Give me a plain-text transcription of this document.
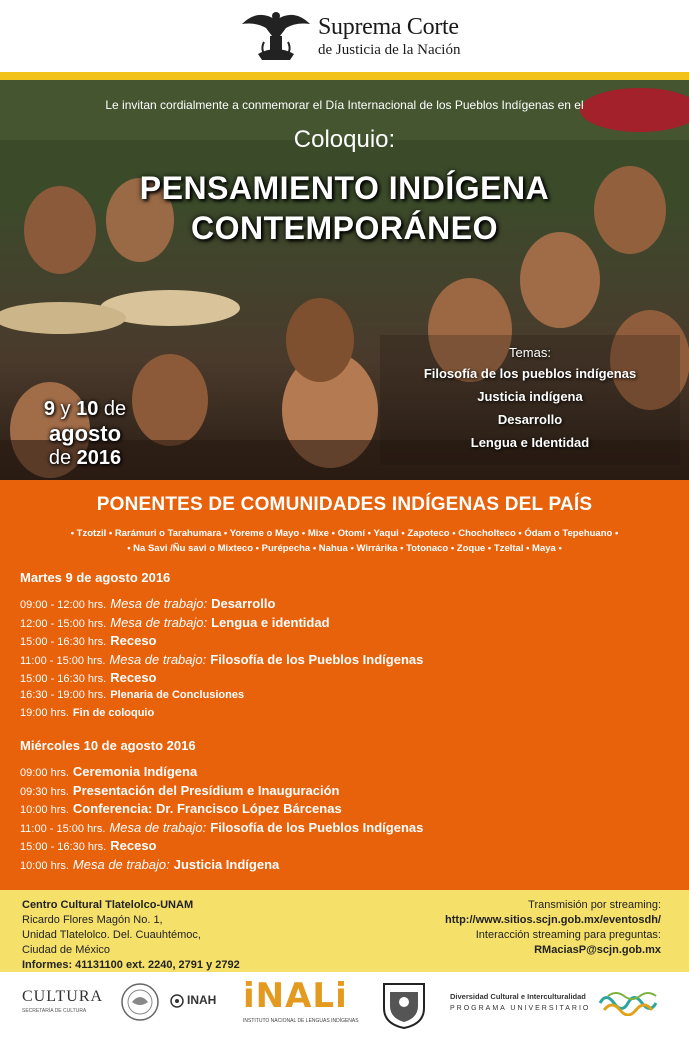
Suprema Corte
de Justicia de la Nación
Le invitan cordialmente a conmemorar el Día Internacional de los Pueblos Indígenas en el
Coloquio:
PENSAMIENTO INDÍGENA
CONTEMPORÁNEO
Temas:
Filosofía de los pueblos indígenas
Justicia indígena
Desarrollo
Lengua e Identidad
9 y 10 de
agosto
de 2016
PONENTES DE COMUNIDADES INDÍGENAS DEL PAÍS
• Tzotzil • Rarámuri o Tarahumara • Yoreme o Mayo • Mixe • Otomí • Yaqui • Zapoteco • Chocholteco • Ódam o Tepehuano •
• Na Savi /Ñu savi o Mixteco • Purépecha • Nahua • Wirrárika • Totonaco • Zoque • Tzeltal • Maya •
Martes 9 de agosto 2016
09:00 - 12:00 hrs. Mesa de trabajo: Desarrollo
12:00 - 15:00 hrs. Mesa de trabajo: Lengua e identidad
15:00 - 16:30 hrs. Receso
11:00 - 15:00 hrs. Mesa de trabajo: Filosofía de los Pueblos Indígenas
15:00 - 16:30 hrs. Receso
16:30 - 19:00 hrs. Plenaria de Conclusiones
19:00 hrs. Fin de coloquio
Miércoles 10 de agosto 2016
09:00 hrs. Ceremonia Indígena
09:30 hrs. Presentación del Presídium e Inauguración
10:00 hrs. Conferencia: Dr. Francisco López Bárcenas
11:00 - 15:00 hrs. Mesa de trabajo: Filosofía de los Pueblos Indígenas
15:00 - 16:30 hrs. Receso
10:00 hrs. Mesa de trabajo: Justicia Indígena
Centro Cultural Tlatelolco-UNAM
Ricardo Flores Magón No. 1,
Unidad Tlatelolco. Del. Cuauhtémoc,
Ciudad de México
Informes: 41131100 ext. 2240, 2791 y 2792
Transmisión por streaming:
http://www.sitios.scjn.gob.mx/eventosdh/
Interacción streaming para preguntas:
RMaciasP@scjn.gob.mx
CULTURA
SECRETARÍA DE CULTURA
INAH iNALi
INSTITUTO NACIONAL DE LENGUAS INDÍGENAS
Diversidad Cultural e Interculturalidad
PROGRAMA UNIVERSITARIO
